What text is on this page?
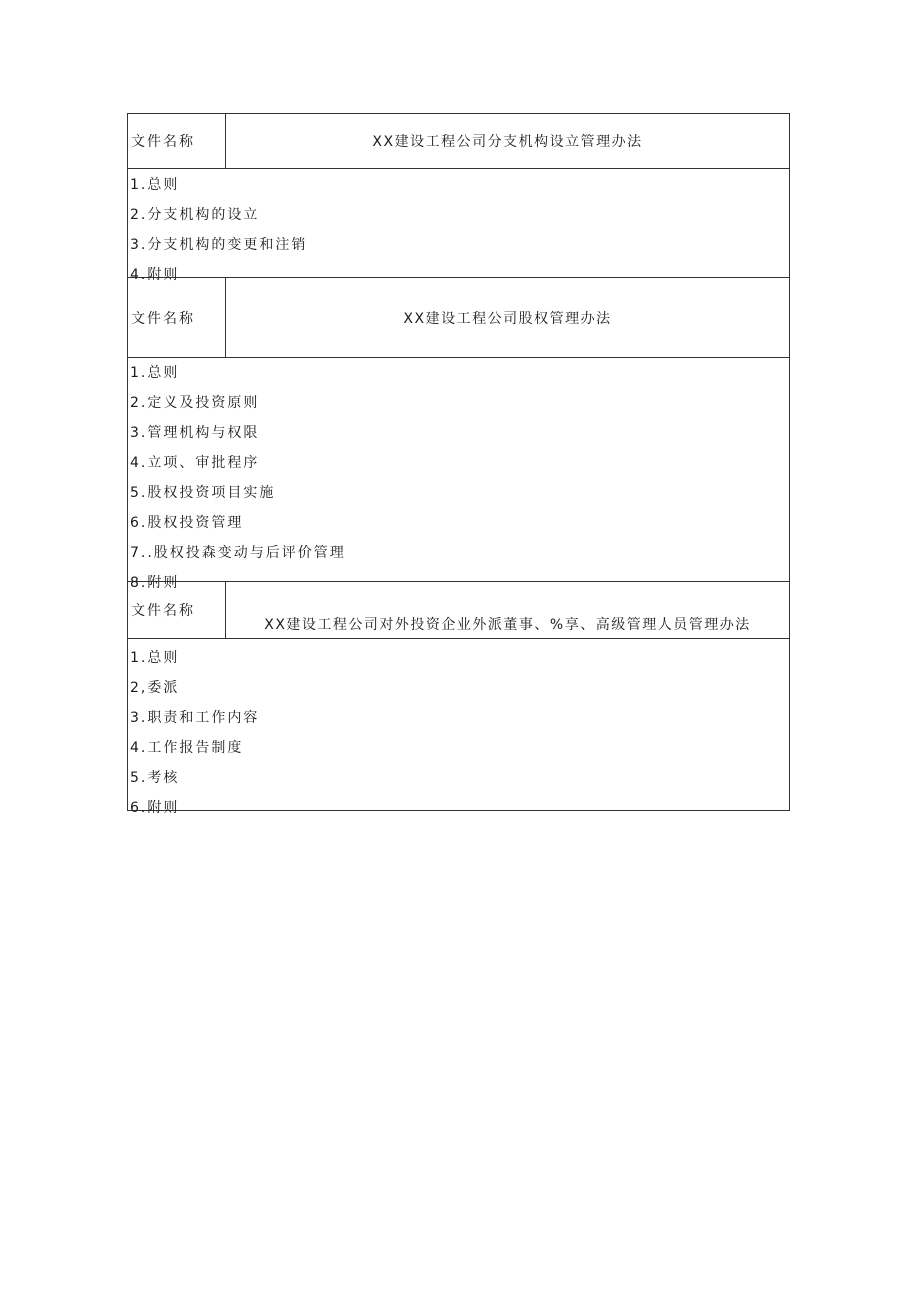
文件名称	XX建设工程公司分支机构设立管理办法
1.总则
2.分支机构的设立
3.分支机构的变更和注销
4.附则
文件名称	XX建设工程公司股权管理办法
1.总则
2.定义及投资原则
3.管理机构与权限
4.立项、审批程序
5.股权投资项目实施
6.股权投资管理
7..股权投森变动与后评价管理
8.附则
文件名称
XX建设工程公司对外投资企业外派董事、%享、高级管理人员管理办法
1.总则
2,委派
3.职责和工作内容
4.工作报告制度
5.考核
6.附则
